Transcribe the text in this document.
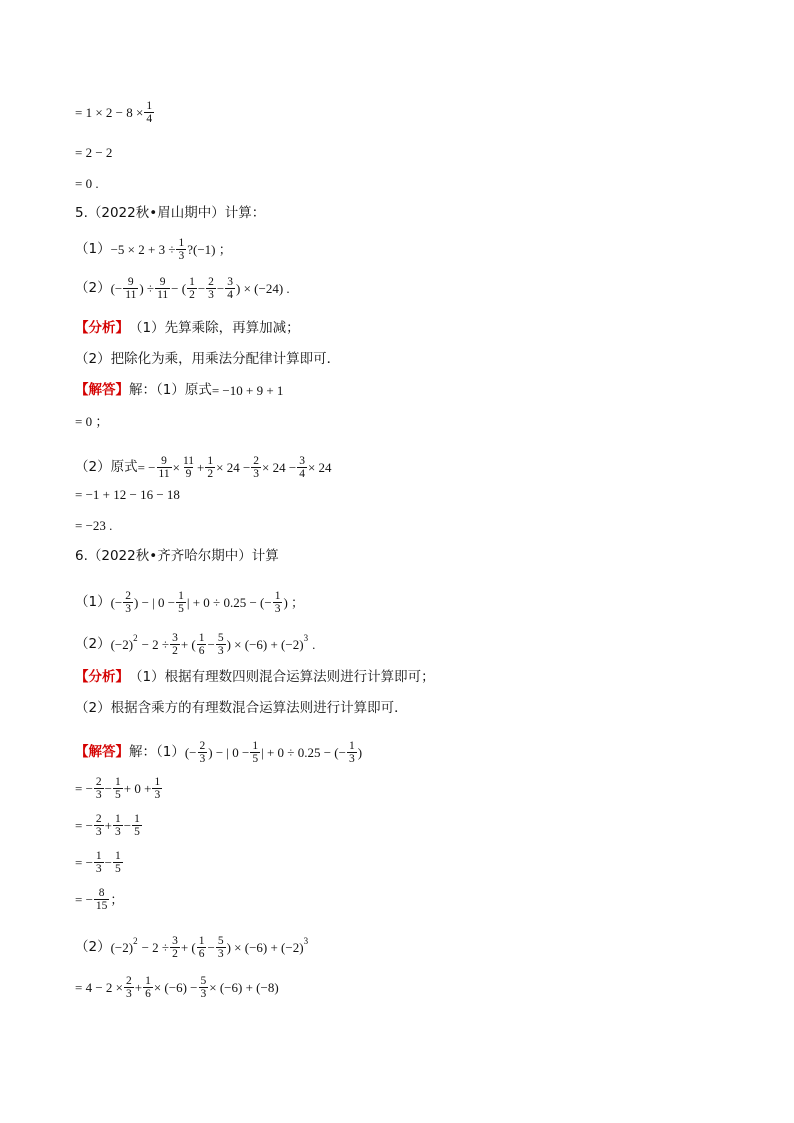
= $1 \times 2 - 8 \times \frac{1}{4}$
= 2 − 2
= 0 .
5.（2022秋•眉山期中）计算：
$(1) -5 \times 2 + 3 \div \frac{1}{3}$ ?(−1) ；
（2） (− $\frac{9}{11}$ ) ÷ $\frac{9}{11}$ − ( $\frac{1}{2} - \frac{2}{3} - \frac{3}{4}$ ) × (−24) .
【分析】 （1）先算乘除，再算加减；
（2）把除化为乘，用乘法分配律计算即可．
【解答】 解：（1）原式 = −10 + 9 + 1
= 0 ；
（2）原式 = − $\frac{9}{11} \times \frac{11}{9} + \frac{1}{2} \times 24 - \frac{2}{3} \times 24 - \frac{3}{4} \times 24$
= −1 + 12 − 16 − 18
= −23 .
6.（2022秋•齐齐哈尔期中）计算
（1） (− $\frac{2}{3}$ ) − | $0 - \frac{1}{5}$ | + 0 ÷ 0.25 − (− $\frac{1}{3}$ ) ；
（2） (−2) $2 - 2 \div \frac{3}{2}$ + ( $\frac{1}{6} - \frac{5}{3}$ ) × (−6) + (−2) 3 .
【分析】 （1）根据有理数四则混合运算法则进行计算即可；
（2）根据含乘方的有理数混合运算法则进行计算即可．
【解答】 解：（1） (− $\frac{2}{3}$ ) − | $0 - \frac{1}{5}$ | + 0 ÷ 0.25 − (− $\frac{1}{3}$ )
= − $\frac{2}{3} - \frac{1}{5} + 0 + \frac{1}{3}$
= − $\frac{2}{3} + \frac{1}{3} - \frac{1}{5}$
= − $\frac{1}{3} - \frac{1}{5}$
= − $\frac{8}{15}$ ；
（2） (−2) $2 - 2 \div \frac{3}{2}$ + ( $\frac{1}{6} - \frac{5}{3}$ ) × (−6) + (−2) 3
= $4 - 2 \times \frac{2}{3} + \frac{1}{6} \times (-6) - \frac{5}{3} \times (-6) + (-8)$
